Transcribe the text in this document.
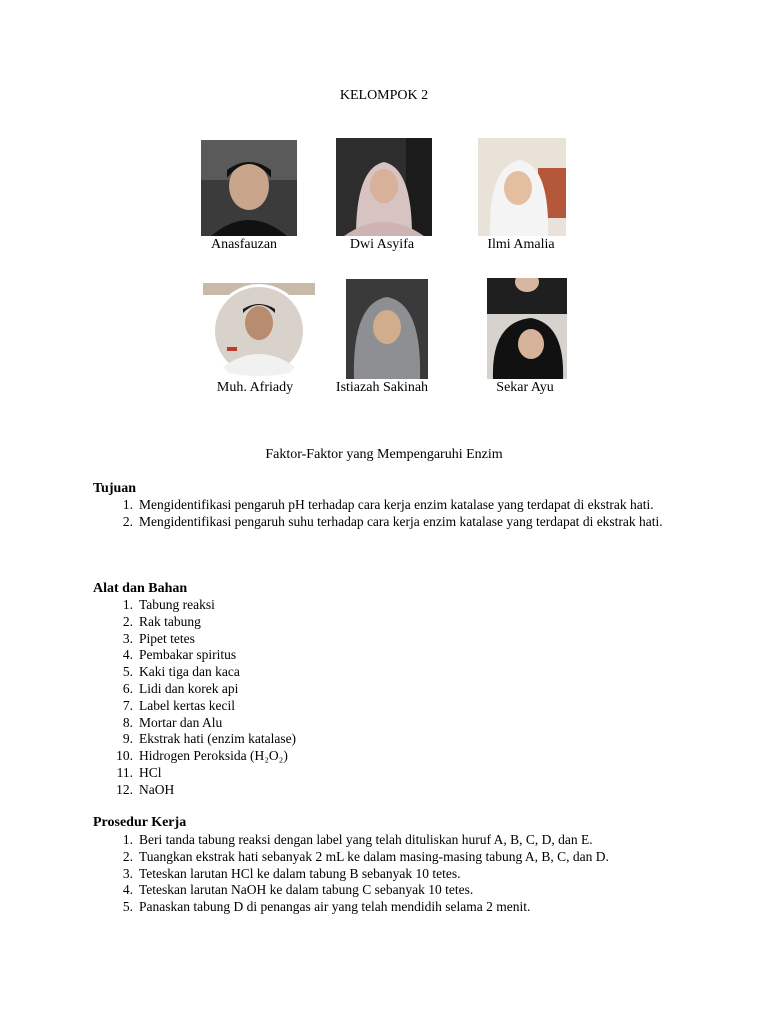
KELOMPOK 2
Anasfauzan	Dwi Asyifa	Ilmi Amalia
Muh. Afriady	Istiazah Sakinah	Sekar Ayu
Faktor-Faktor yang Mempengaruhi Enzim
Tujuan
1. Mengidentifikasi pengaruh pH terhadap cara kerja enzim katalase yang terdapat di ekstrak hati.
2. Mengidentifikasi pengaruh suhu terhadap cara kerja enzim katalase yang terdapat di ekstrak hati.
Alat dan Bahan
1. Tabung reaksi
2. Rak tabung
3. Pipet tetes
4. Pembakar spiritus
5. Kaki tiga dan kaca
6. Lidi dan korek api
7. Label kertas kecil
8. Mortar dan Alu
9. Ekstrak hati (enzim katalase)
10. Hidrogen Peroksida (H₂O₂)
11. HCl
12. NaOH
Prosedur Kerja
1. Beri tanda tabung reaksi dengan label yang telah dituliskan huruf A, B, C, D, dan E.
2. Tuangkan ekstrak hati sebanyak 2 mL ke dalam masing-masing tabung A, B, C, dan D.
3. Teteskan larutan HCl ke dalam tabung B sebanyak 10 tetes.
4. Teteskan larutan NaOH ke dalam tabung C sebanyak 10 tetes.
5. Panaskan tabung D di penangas air yang telah mendidih selama 2 menit.
